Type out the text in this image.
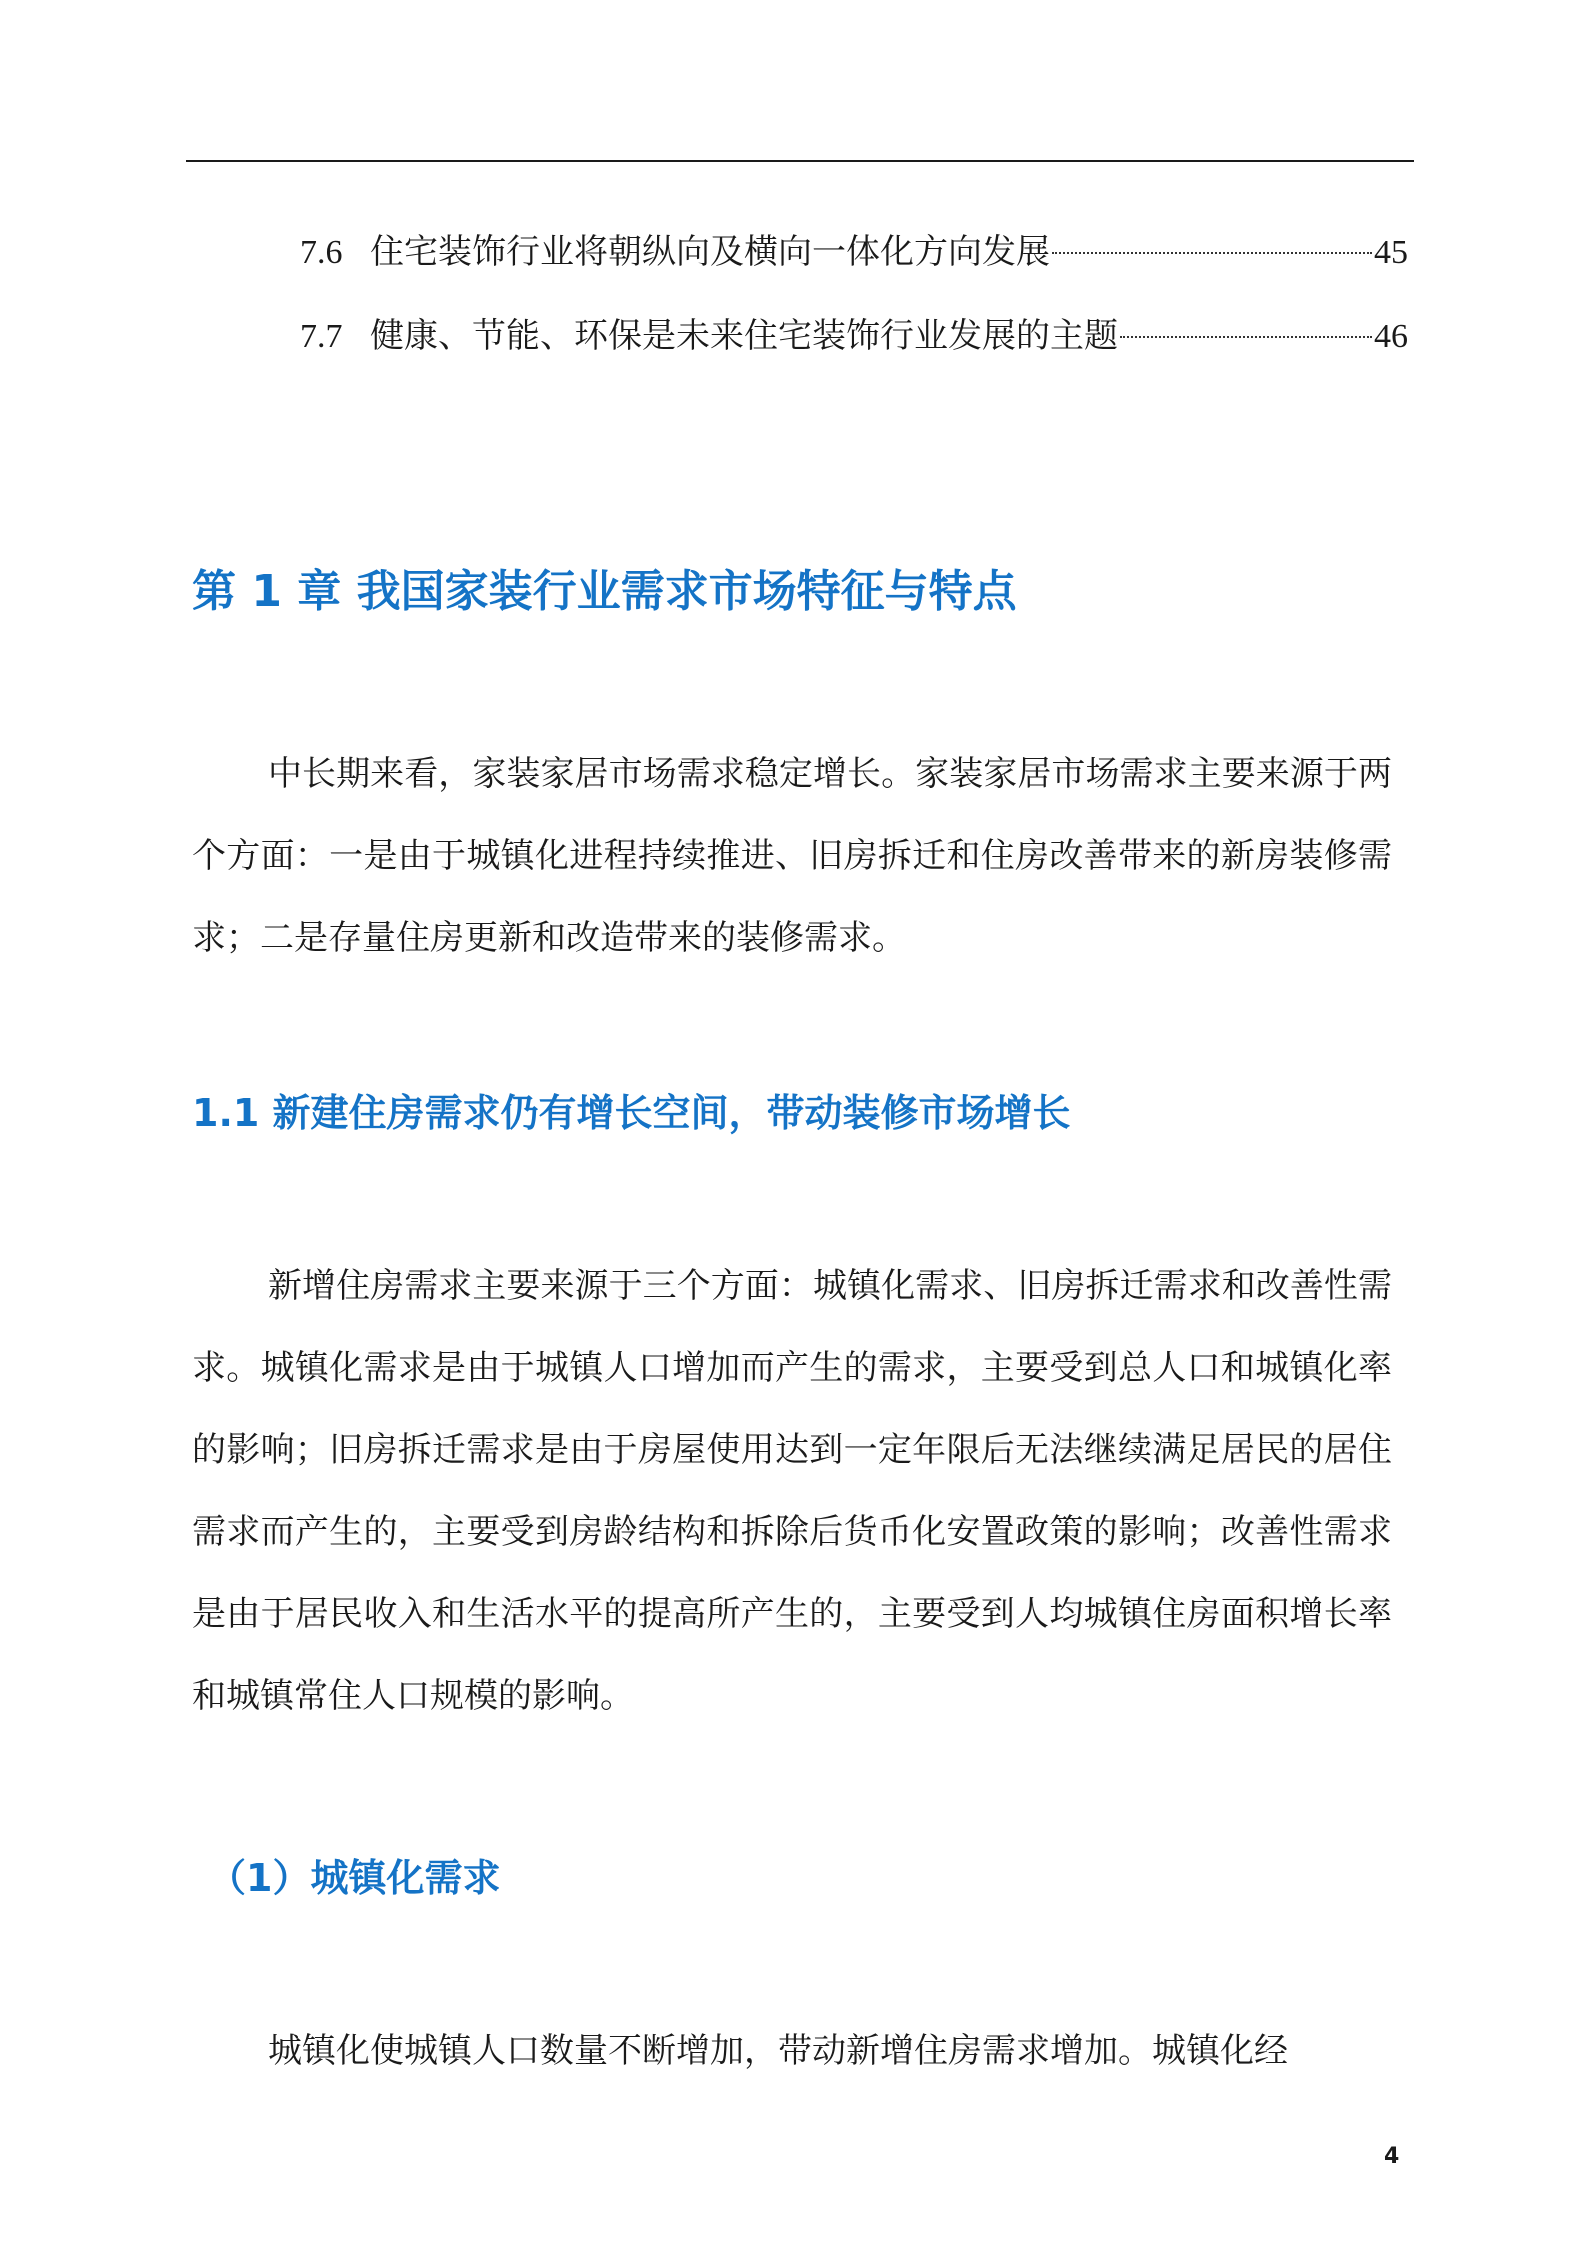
7.6 住宅装饰行业将朝纵向及横向一体化方向发展	45
7.7 健康、节能、环保是未来住宅装饰行业发展的主题	46
第 1 章 我国家装行业需求市场特征与特点

中长期来看，家装家居市场需求稳定增长。家装家居市场需求主要来源于两个方面：一是由于城镇化进程持续推进、旧房拆迁和住房改善带来的新房装修需求；二是存量住房更新和改造带来的装修需求。

1.1 新建住房需求仍有增长空间，带动装修市场增长

新增住房需求主要来源于三个方面：城镇化需求、旧房拆迁需求和改善性需求。城镇化需求是由于城镇人口增加而产生的需求，主要受到总人口和城镇化率的影响；旧房拆迁需求是由于房屋使用达到一定年限后无法继续满足居民的居住需求而产生的，主要受到房龄结构和拆除后货币化安置政策的影响；改善性需求是由于居民收入和生活水平的提高所产生的，主要受到人均城镇住房面积增长率和城镇常住人口规模的影响。

（1）城镇化需求

城镇化使城镇人口数量不断增加，带动新增住房需求增加。城镇化经

4
